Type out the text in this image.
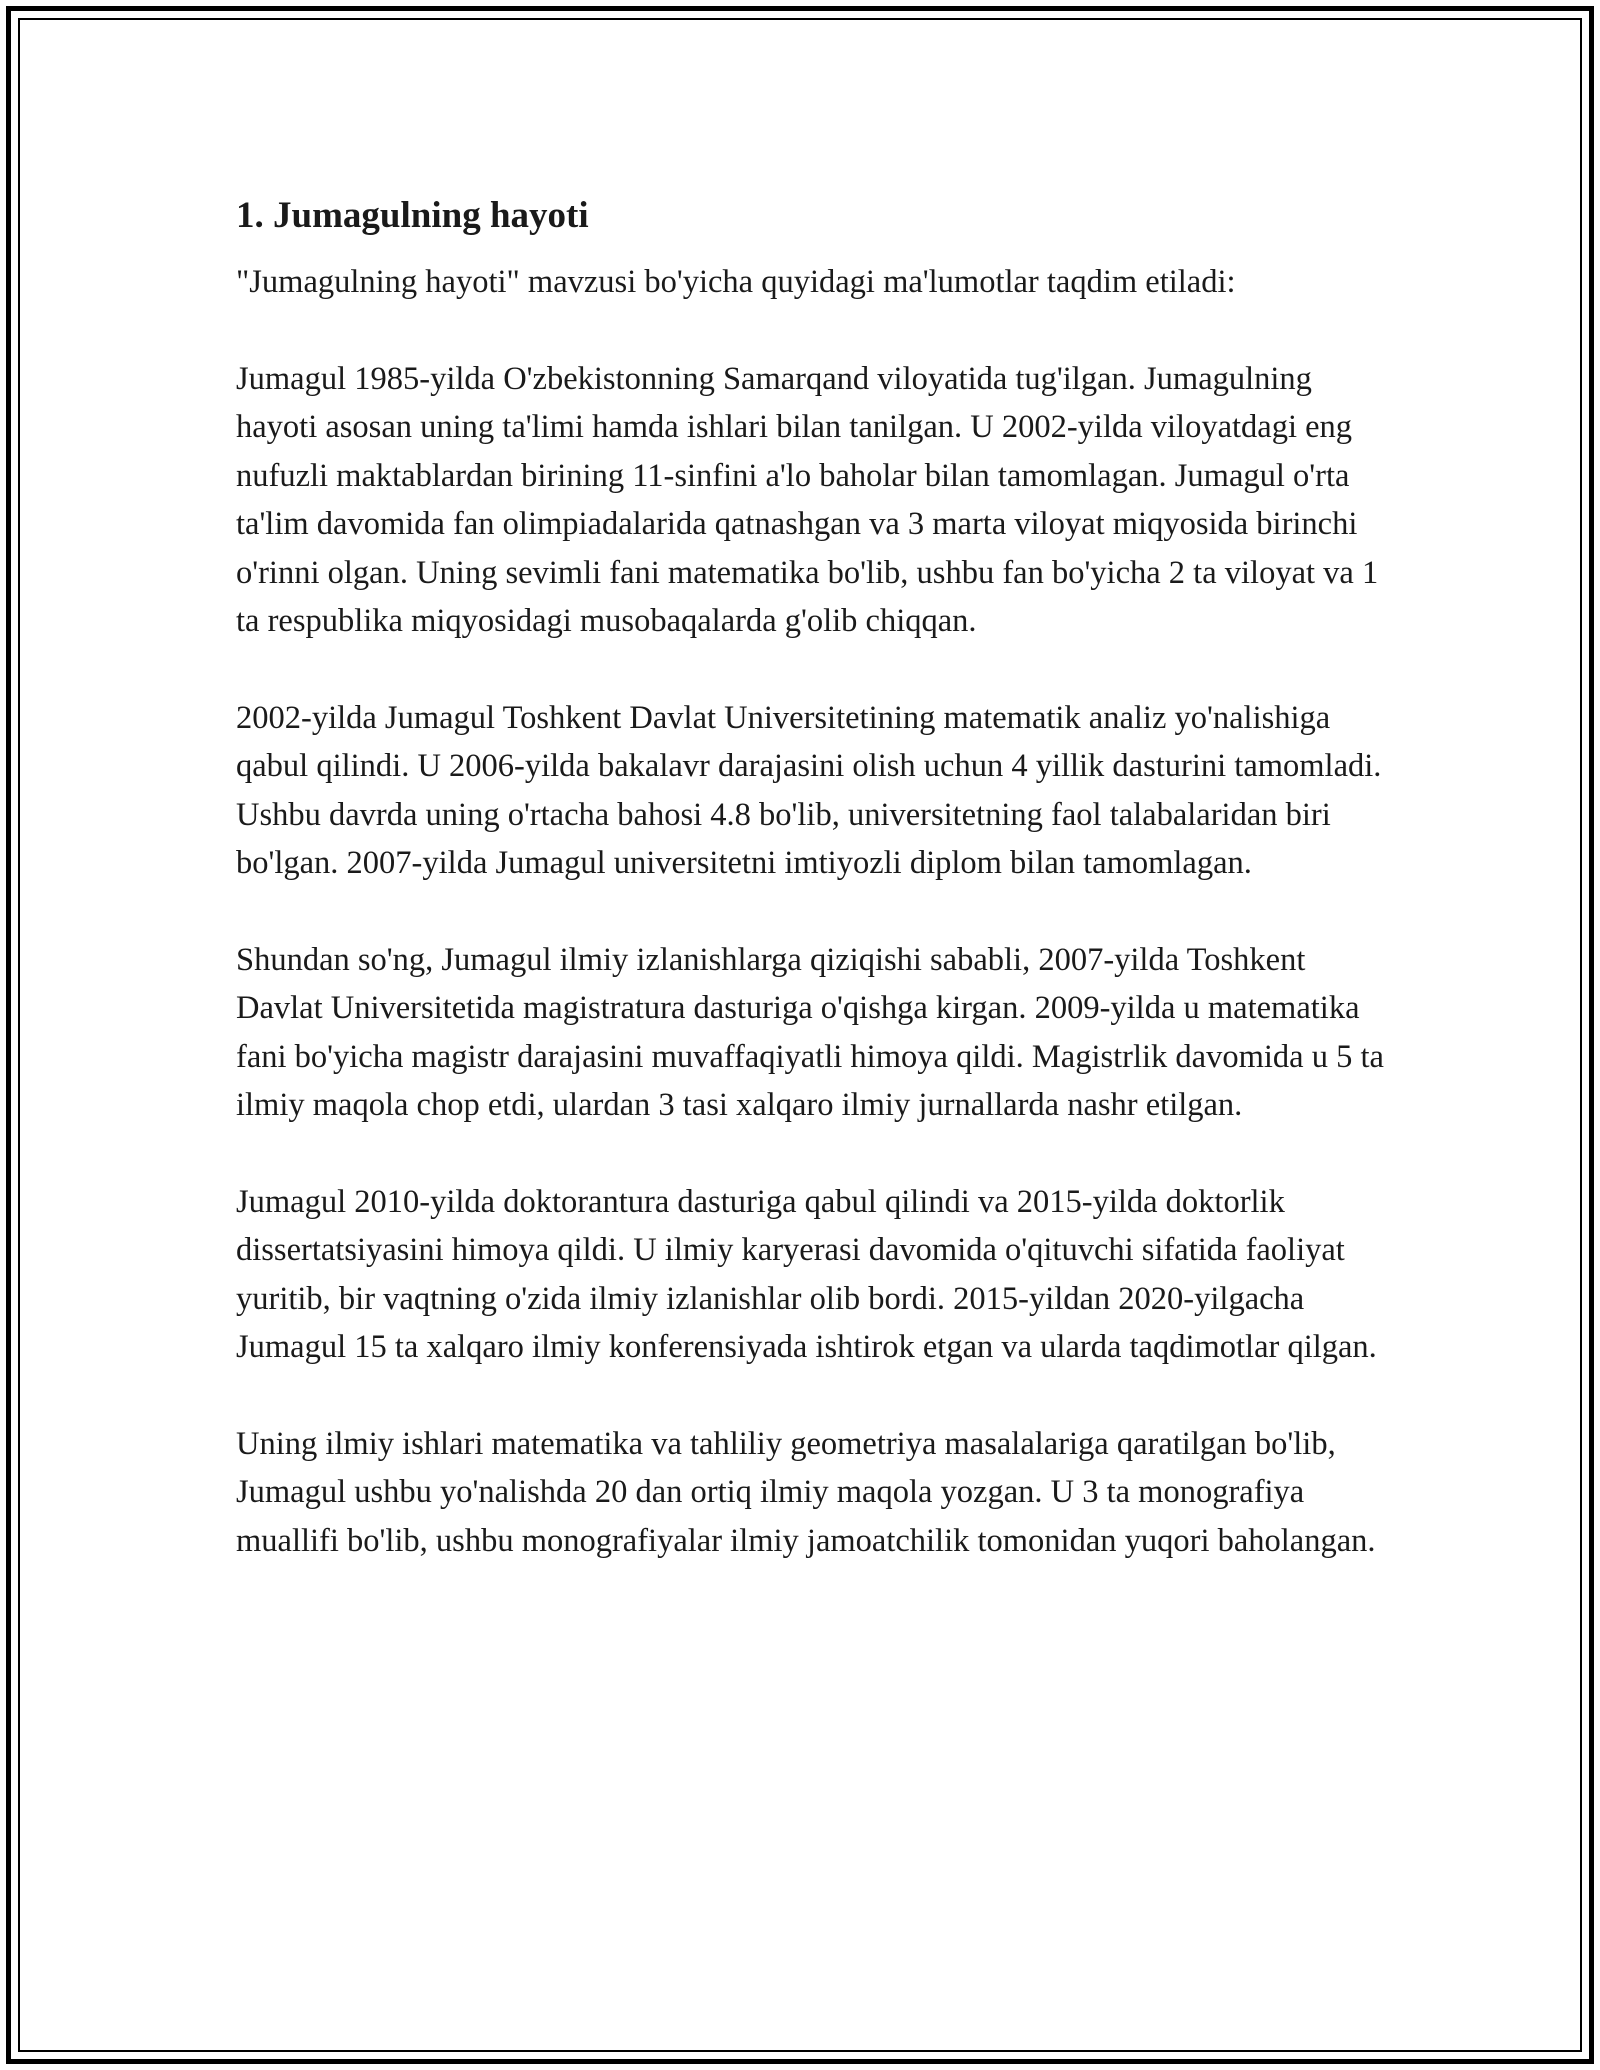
1. Jumagulning hayoti

"Jumagulning hayoti" mavzusi bo'yicha quyidagi ma'lumotlar taqdim etiladi:

Jumagul 1985-yilda O'zbekistonning Samarqand viloyatida tug'ilgan. Jumagulning hayoti asosan uning ta'limi hamda ishlari bilan tanilgan. U 2002-yilda viloyatdagi eng nufuzli maktablardan birining 11-sinfini a'lo baholar bilan tamomlagan. Jumagul o'rta ta'lim davomida fan olimpiadalarida qatnashgan va 3 marta viloyat miqyosida birinchi o'rinni olgan. Uning sevimli fani matematika bo'lib, ushbu fan bo'yicha 2 ta viloyat va 1 ta respublika miqyosidagi musobaqalarda g'olib chiqqan.

2002-yilda Jumagul Toshkent Davlat Universitetining matematik analiz yo'nalishiga qabul qilindi. U 2006-yilda bakalavr darajasini olish uchun 4 yillik dasturini tamomladi. Ushbu davrda uning o'rtacha bahosi 4.8 bo'lib, universitetning faol talabalaridan biri bo'lgan. 2007-yilda Jumagul universitetni imtiyozli diplom bilan tamomlagan.

Shundan so'ng, Jumagul ilmiy izlanishlarga qiziqishi sababli, 2007-yilda Toshkent Davlat Universitetida magistratura dasturiga o'qishga kirgan. 2009-yilda u matematika fani bo'yicha magistr darajasini muvaffaqiyatli himoya qildi. Magistrlik davomida u 5 ta ilmiy maqola chop etdi, ulardan 3 tasi xalqaro ilmiy jurnallarda nashr etilgan.

Jumagul 2010-yilda doktorantura dasturiga qabul qilindi va 2015-yilda doktorlik dissertatsiyasini himoya qildi. U ilmiy karyerasi davomida o'qituvchi sifatida faoliyat yuritib, bir vaqtning o'zida ilmiy izlanishlar olib bordi. 2015-yildan 2020-yilgacha Jumagul 15 ta xalqaro ilmiy konferensiyada ishtirok etgan va ularda taqdimotlar qilgan.

Uning ilmiy ishlari matematika va tahliliy geometriya masalalariga qaratilgan bo'lib, Jumagul ushbu yo'nalishda 20 dan ortiq ilmiy maqola yozgan. U 3 ta monografiya muallifi bo'lib, ushbu monografiyalar ilmiy jamoatchilik tomonidan yuqori baholangan.
